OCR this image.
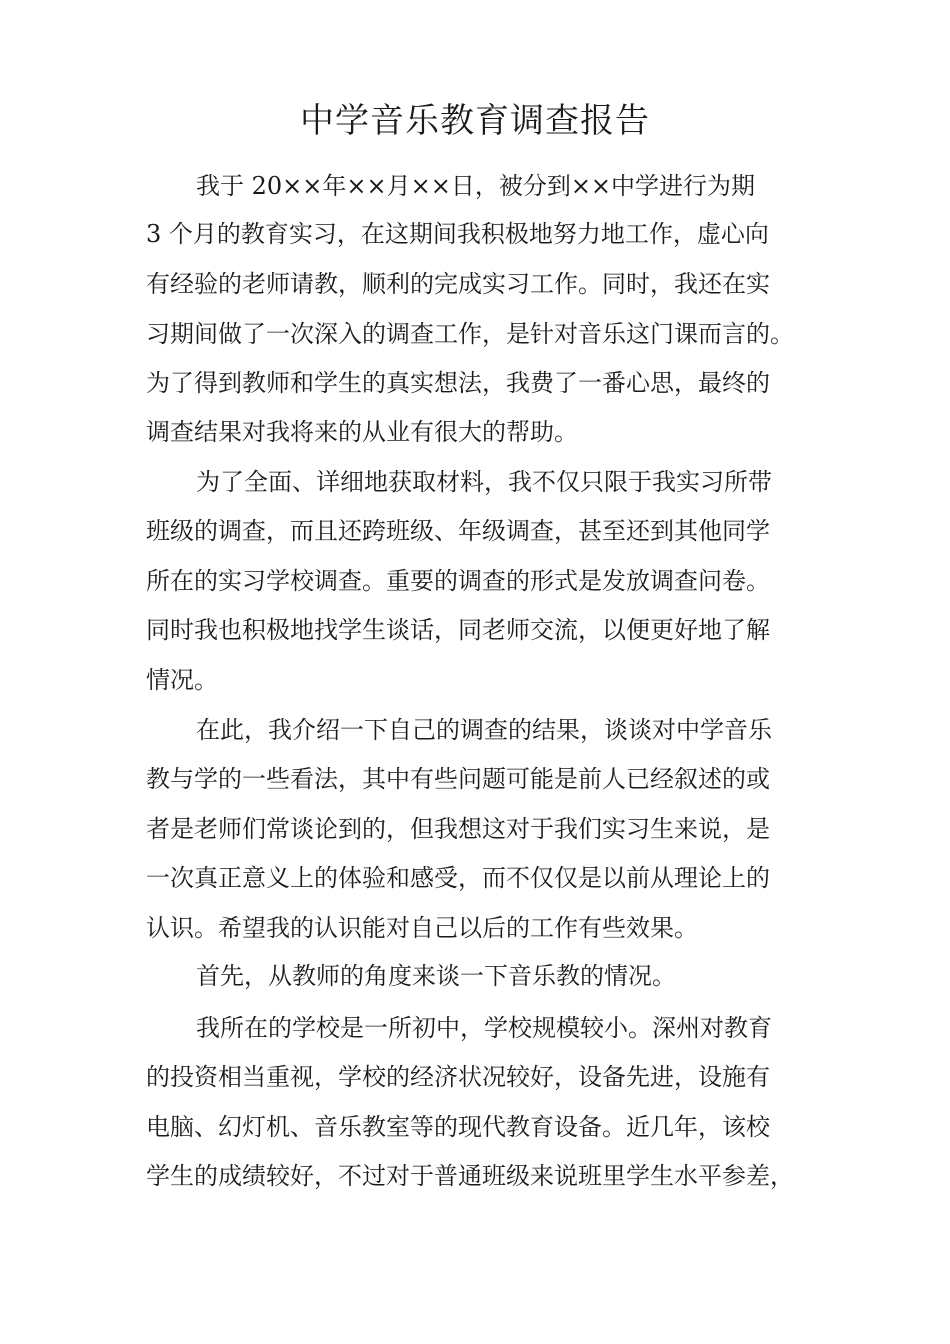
中学音乐教育调查报告

我于 20××年××月××日，被分到××中学进行为期

3 个月的教育实习，在这期间我积极地努力地工作，虚心向

有经验的老师请教，顺利的完成实习工作。同时，我还在实

习期间做了一次深入的调查工作，是针对音乐这门课而言的。

为了得到教师和学生的真实想法，我费了一番心思，最终的

调查结果对我将来的从业有很大的帮助。

为了全面、详细地获取材料，我不仅只限于我实习所带

班级的调查，而且还跨班级、年级调查，甚至还到其他同学

所在的实习学校调查。重要的调查的形式是发放调查问卷。

同时我也积极地找学生谈话，同老师交流，以便更好地了解

情况。

在此，我介绍一下自己的调查的结果，谈谈对中学音乐

教与学的一些看法，其中有些问题可能是前人已经叙述的或

者是老师们常谈论到的，但我想这对于我们实习生来说，是

一次真正意义上的体验和感受，而不仅仅是以前从理论上的

认识。希望我的认识能对自己以后的工作有些效果。

首先，从教师的角度来谈一下音乐教的情况。

我所在的学校是一所初中，学校规模较小。深州对教育

的投资相当重视，学校的经济状况较好，设备先进，设施有

电脑、幻灯机、音乐教室等的现代教育设备。近几年，该校

学生的成绩较好，不过对于普通班级来说班里学生水平参差，
